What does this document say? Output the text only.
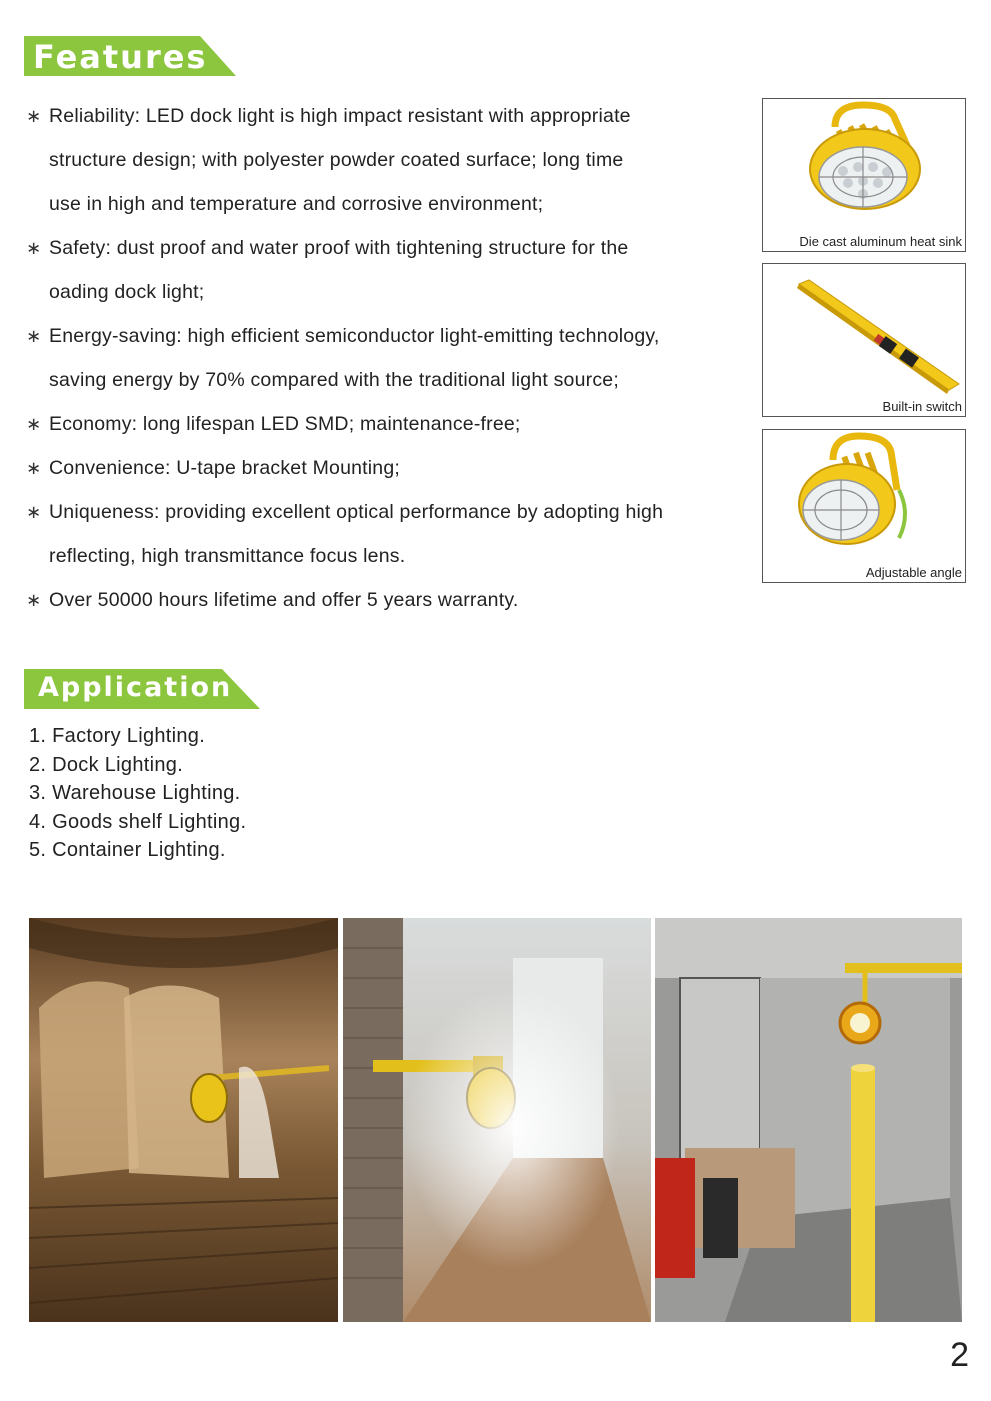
Features
∗ Reliability: LED dock light is high impact resistant with appropriate
structure design; with polyester powder coated surface; long time
use in high and temperature and corrosive environment;
∗ Safety: dust proof and water proof with tightening structure for the
oading dock light;
∗ Energy-saving: high efficient semiconductor light-emitting technology,
saving energy by 70% compared with the traditional light source;
∗ Economy: long lifespan LED SMD; maintenance-free;
∗ Convenience: U-tape bracket Mounting;
∗ Uniqueness: providing excellent optical performance by adopting high
reflecting, high transmittance focus lens.
∗ Over 50000 hours lifetime and offer 5 years warranty.
Die cast aluminum heat sink
Built-in switch
Adjustable angle
Application
1. Factory Lighting.
2. Dock Lighting.
3. Warehouse Lighting.
4. Goods shelf Lighting.
5. Container Lighting.
2
